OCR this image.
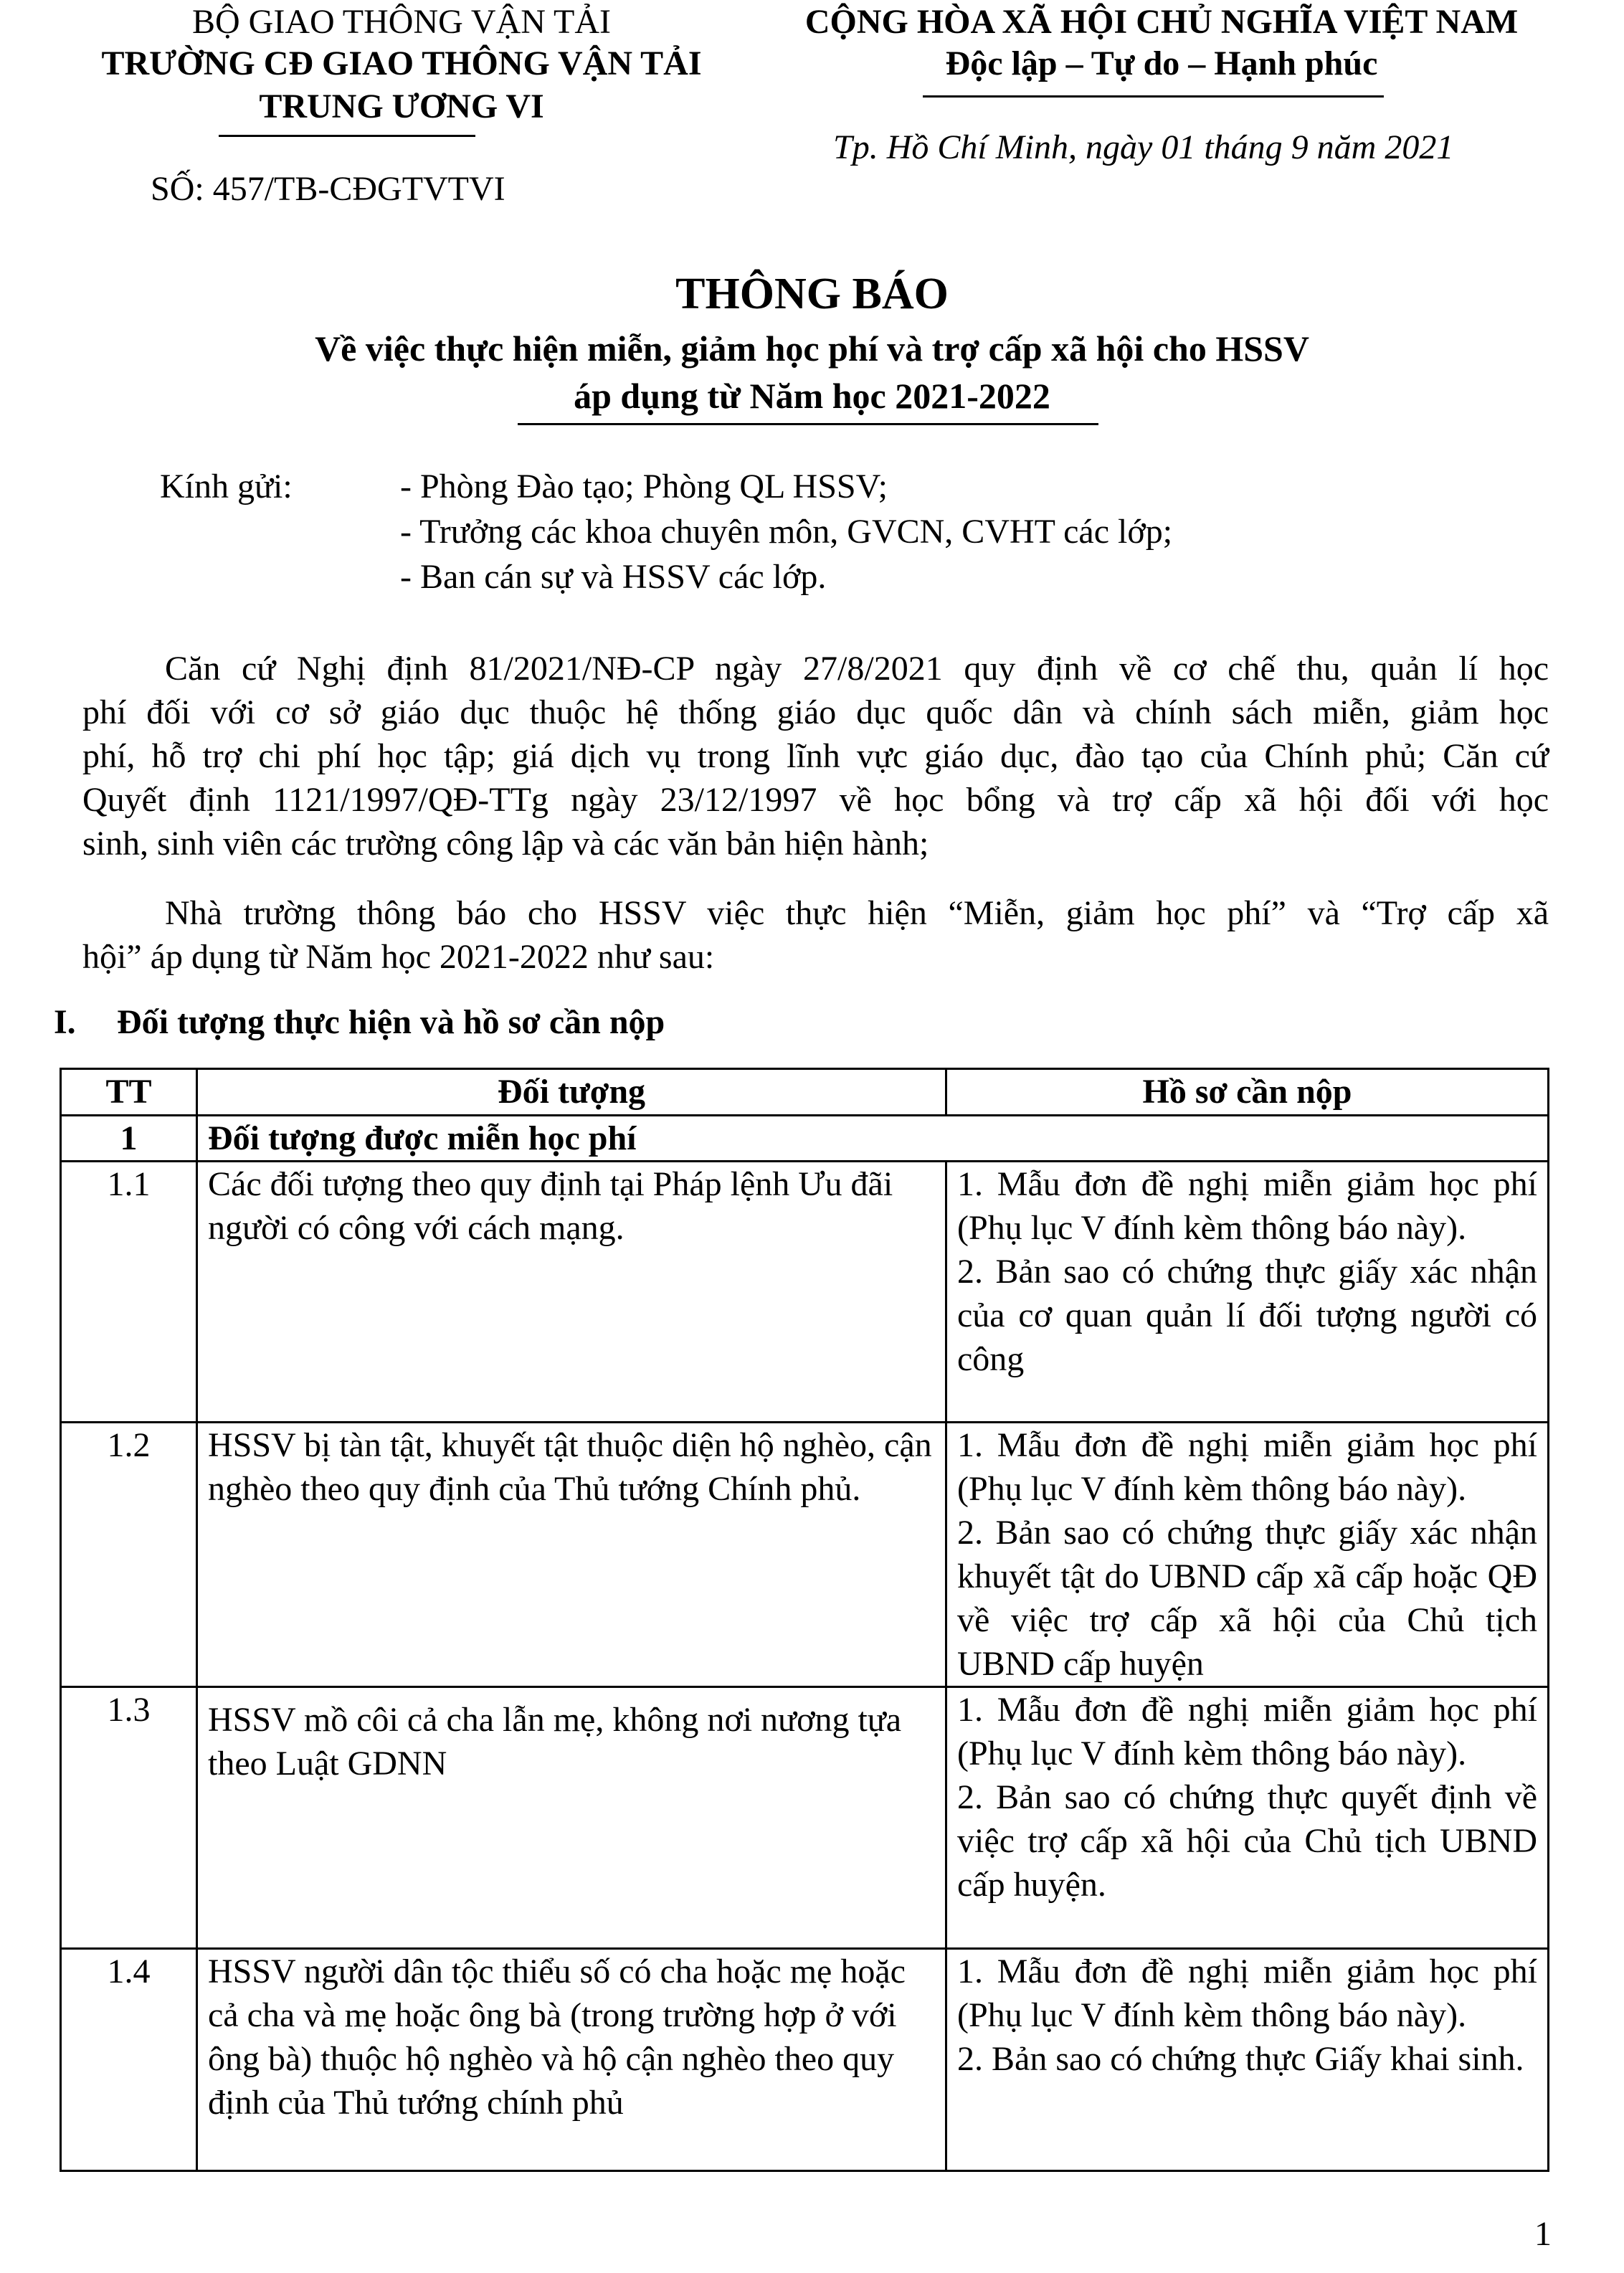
BỘ GIAO THÔNG VẬN TẢI
TRƯỜNG CĐ GIAO THÔNG VẬN TẢI
TRUNG ƯƠNG VI
SỐ: 457/TB-CĐGTVTVI
CỘNG HÒA XÃ HỘI CHỦ NGHĨA VIỆT NAM
Độc lập – Tự do – Hạnh phúc
Tp. Hồ Chí Minh, ngày 01 tháng 9 năm 2021
THÔNG BÁO
Về việc thực hiện miễn, giảm học phí và trợ cấp xã hội cho HSSV
áp dụng từ Năm học 2021-2022
Kính gửi:	- Phòng Đào tạo; Phòng QL HSSV;
- Trưởng các khoa chuyên môn, GVCN, CVHT các lớp;
- Ban cán sự và HSSV các lớp.
Căn cứ Nghị định 81/2021/NĐ-CP ngày 27/8/2021 quy định về cơ chế thu, quản lí học
phí đối với cơ sở giáo dục thuộc hệ thống giáo dục quốc dân và chính sách miễn, giảm học
phí, hỗ trợ chi phí học tập; giá dịch vụ trong lĩnh vực giáo dục, đào tạo của Chính phủ; Căn cứ
Quyết định 1121/1997/QĐ-TTg ngày 23/12/1997 về học bổng và trợ cấp xã hội đối với học
sinh, sinh viên các trường công lập và các văn bản hiện hành;
Nhà trường thông báo cho HSSV việc thực hiện “Miễn, giảm học phí” và “Trợ cấp xã
hội” áp dụng từ Năm học 2021-2022 như sau:
I. Đối tượng thực hiện và hồ sơ cần nộp
TT	Đối tượng	Hồ sơ cần nộp
1	Đối tượng được miễn học phí	
1.1	Các đối tượng theo quy định tại Pháp lệnh Ưu đãi người có công với cách mạng.	1. Mẫu đơn đề nghị miễn giảm học phí (Phụ lục V đính kèm thông báo này).
2. Bản sao có chứng thực giấy xác nhận của cơ quan quản lí đối tượng người có công

1.2	HSSV bị tàn tật, khuyết tật thuộc diện hộ nghèo, cận nghèo theo quy định của Thủ tướng Chính phủ.	1. Mẫu đơn đề nghị miễn giảm học phí (Phụ lục V đính kèm thông báo này).
2. Bản sao có chứng thực giấy xác nhận khuyết tật do UBND cấp xã cấp hoặc QĐ về việc trợ cấp xã hội của Chủ tịch UBND cấp huyện

1.3	HSSV mồ côi cả cha lẫn mẹ, không nơi nương tựa theo Luật GDNN	1. Mẫu đơn đề nghị miễn giảm học phí (Phụ lục V đính kèm thông báo này).
2. Bản sao có chứng thực quyết định về việc trợ cấp xã hội của Chủ tịch UBND cấp huyện.

1.4	HSSV người dân tộc thiểu số có cha hoặc mẹ hoặc cả cha và mẹ hoặc ông bà (trong trường hợp ở với ông bà) thuộc hộ nghèo và hộ cận nghèo theo quy định của Thủ tướng chính phủ	1. Mẫu đơn đề nghị miễn giảm học phí (Phụ lục V đính kèm thông báo này).
2. Bản sao có chứng thực Giấy khai sinh.
1
